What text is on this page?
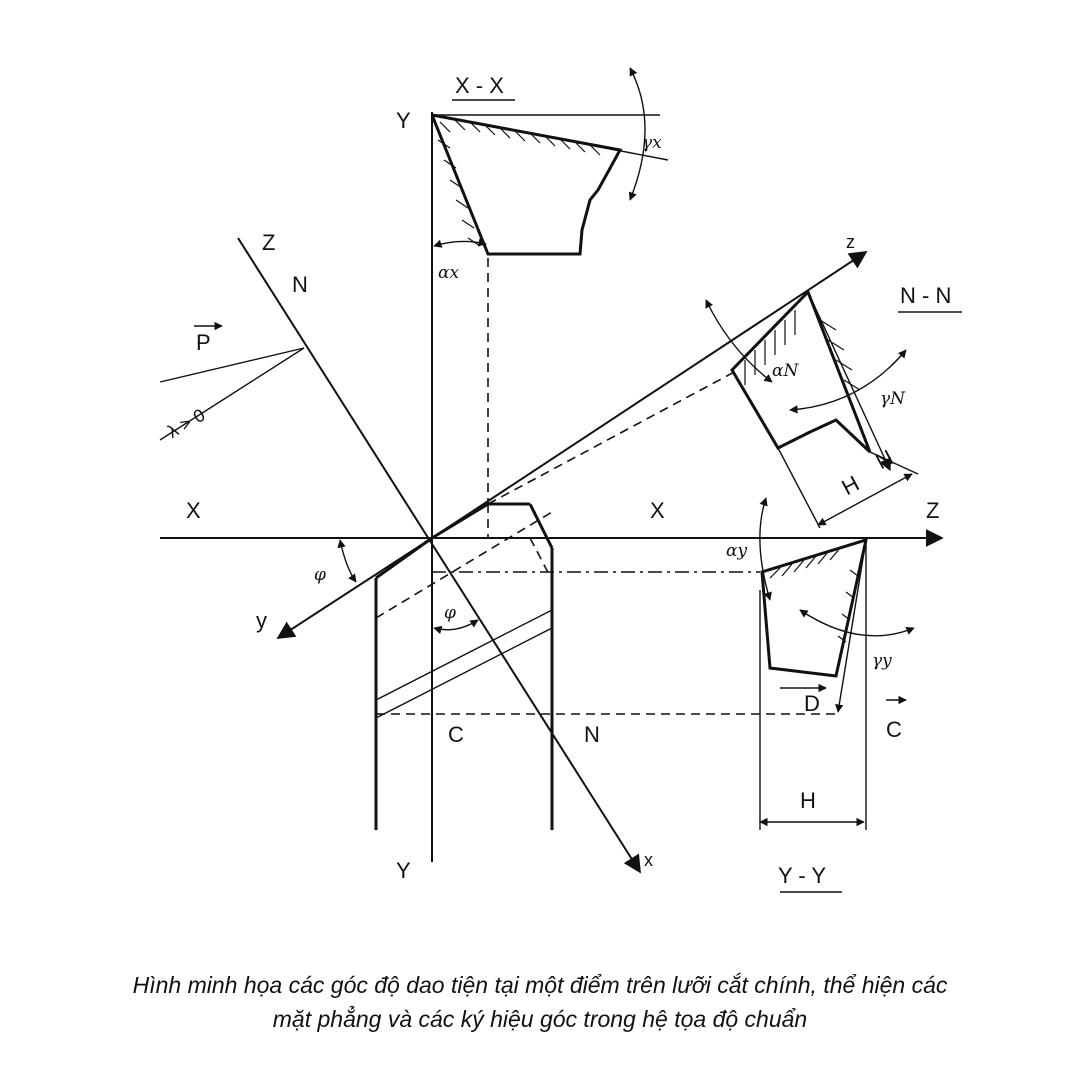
X - X
N - N
Y - Y
Y
Y
X	X	Z
Z	z
y
x
N
N
C
P
C
D
N
γx
αx
αN
γN
αy
γy
φ
φ
λ > 0
H
H
Hình minh họa các góc độ dao tiện tại một điểm trên lưỡi cắt chính, thể hiện các
mặt phẳng và các ký hiệu góc trong hệ tọa độ chuẩn
